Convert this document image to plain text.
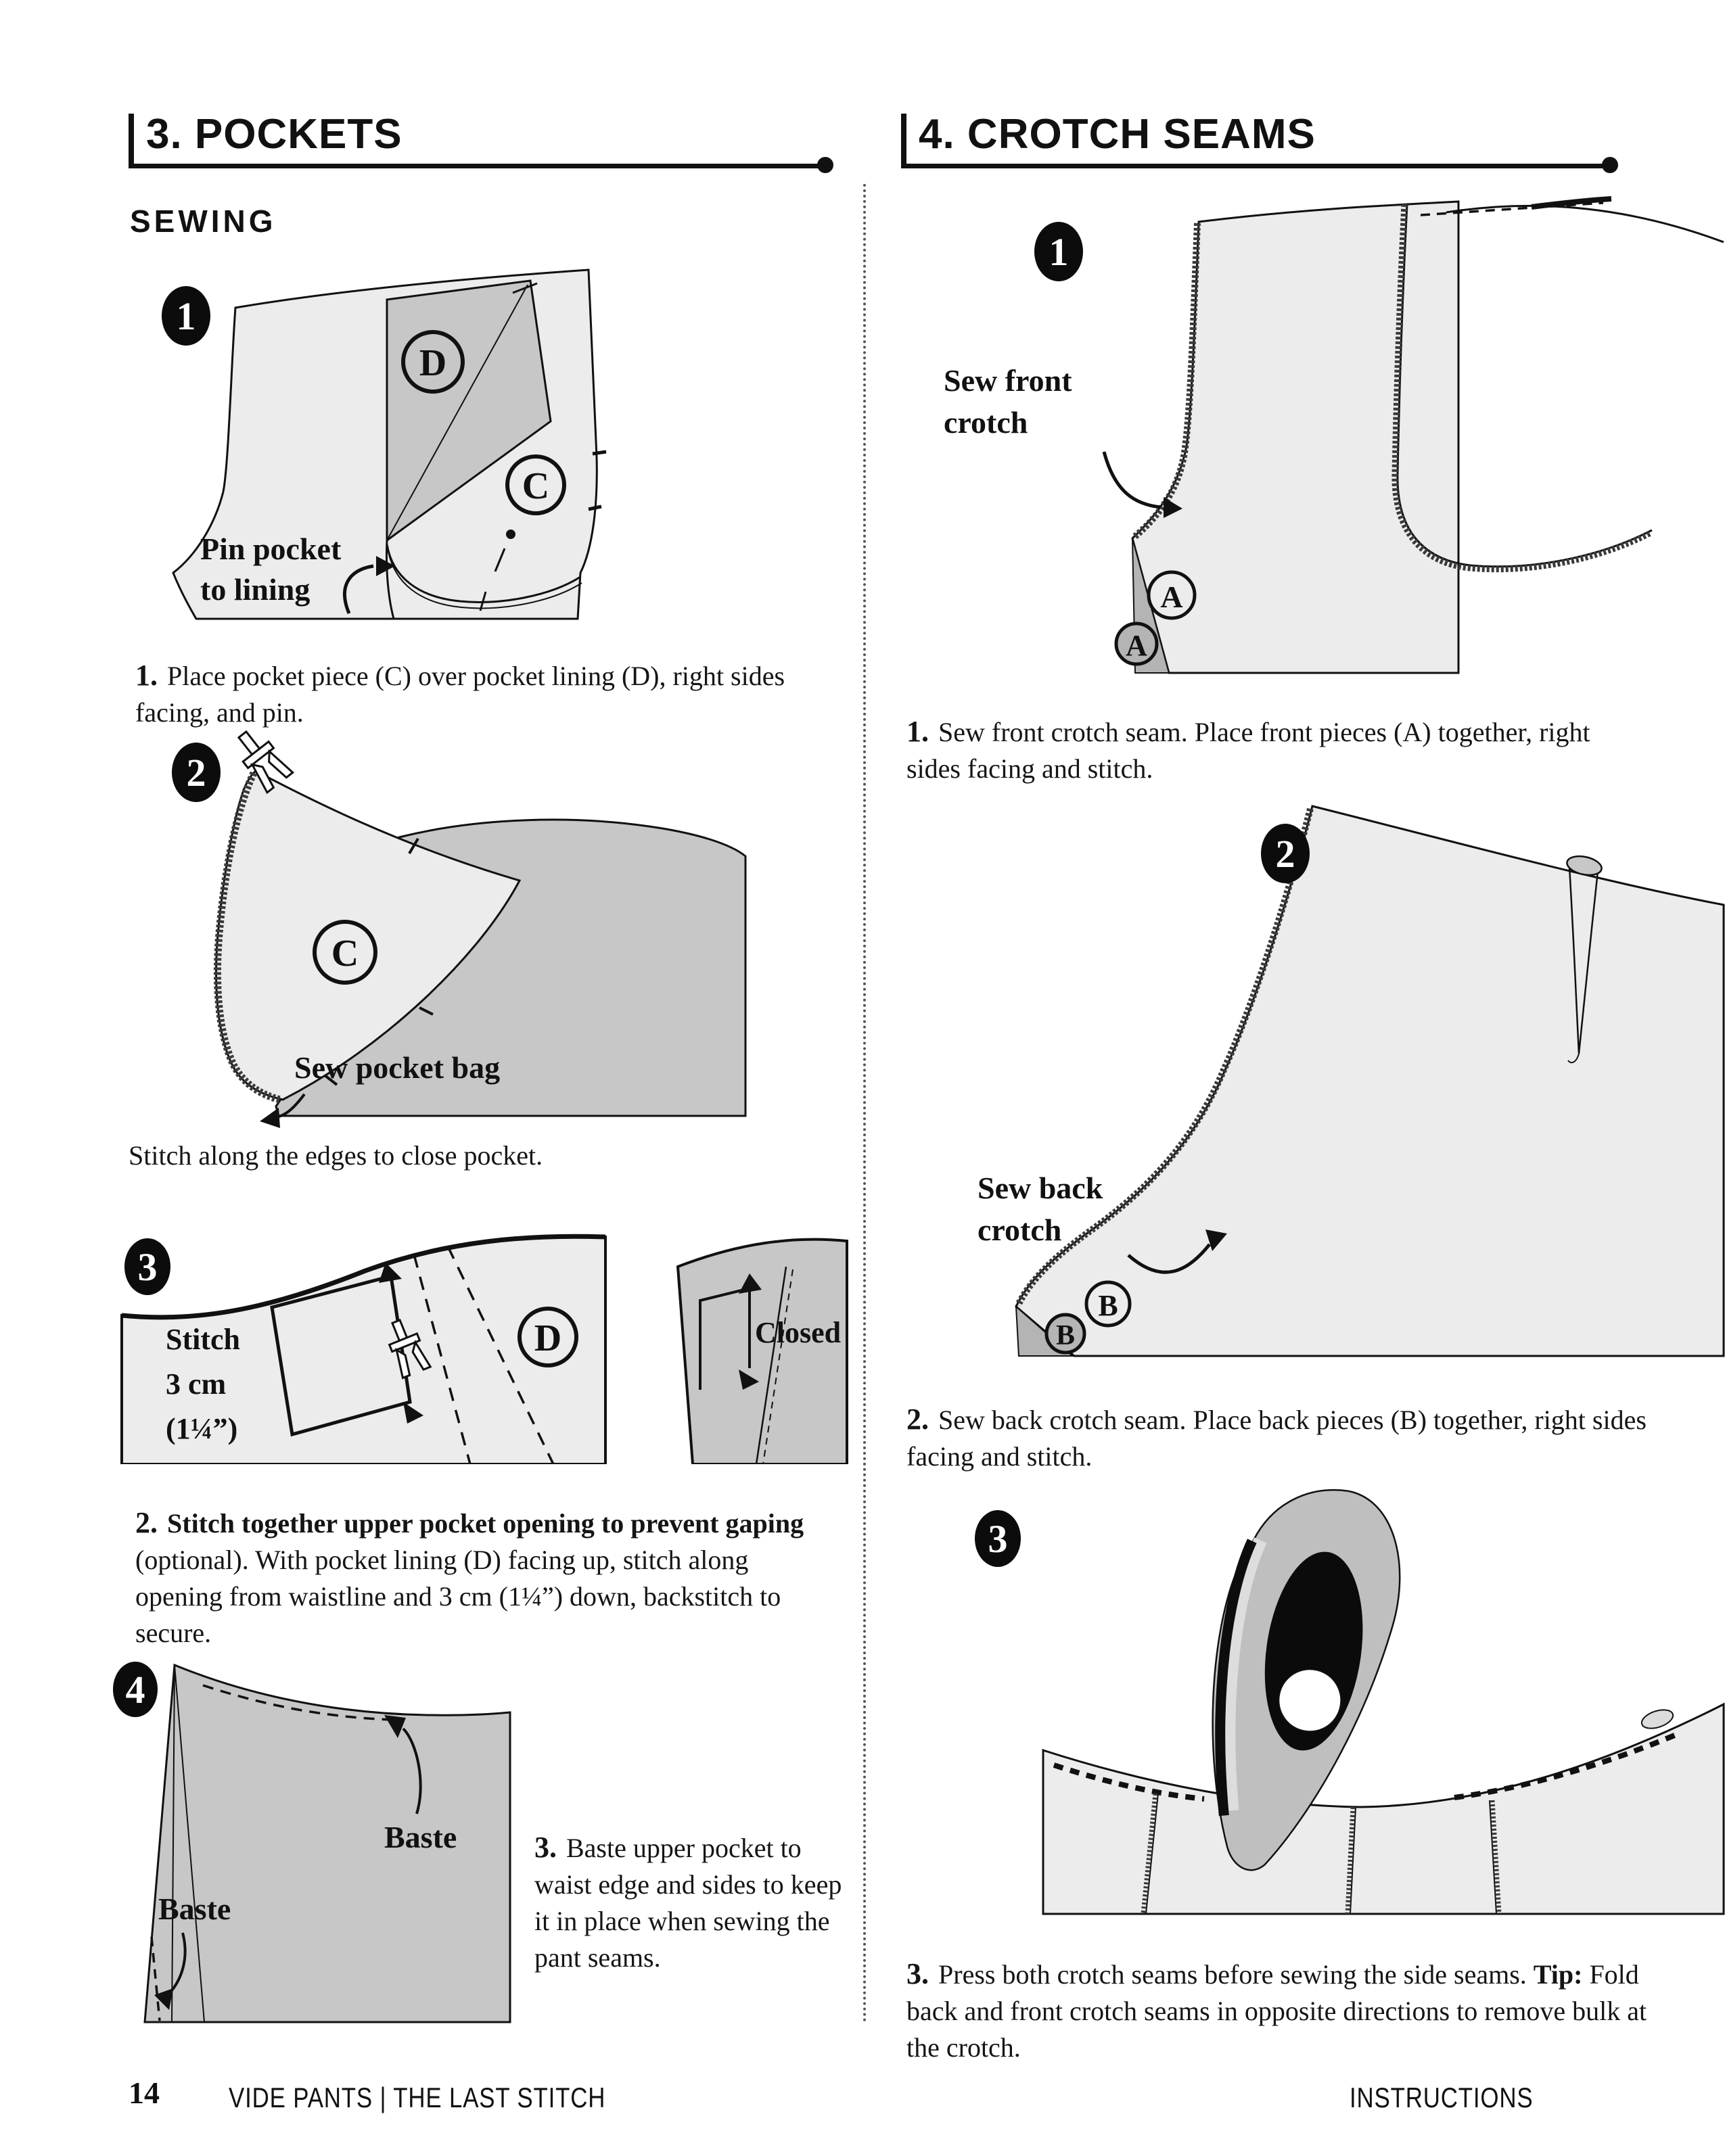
3. POCKETS	4. CROTCH SEAMS
SEWING
D
C
1
Pin pocket
to lining

1. Place pocket piece (C) over pocket lining (D), right sides facing, and pin.

C
2
Sew pocket bag
Stitch along the edges to close pocket.
Stitch
3 cm
(1¼”)
D
3
Closed

2. Stitch together upper pocket opening to prevent gaping (optional). With pocket lining (D) facing up, stitch along opening from waistline and 3 cm (1¼”) down, backstitch to secure.

Baste
Baste
4

3. Baste upper pocket to waist edge and sides to keep it in place when sewing the pant seams.

A
A
1
Sew front
crotch

1. Sew front crotch seam. Place front pieces (A) together, right sides facing and stitch.

B
B
2
Sew back
crotch

2. Sew back crotch seam. Place back pieces (B) together, right sides facing and stitch.

3

3. Press both crotch seams before sewing the side seams. Tip: Fold back and front crotch seams in opposite directions to remove bulk at the crotch.

14 VIDE PANTS | THE LAST STITCH	INSTRUCTIONS
